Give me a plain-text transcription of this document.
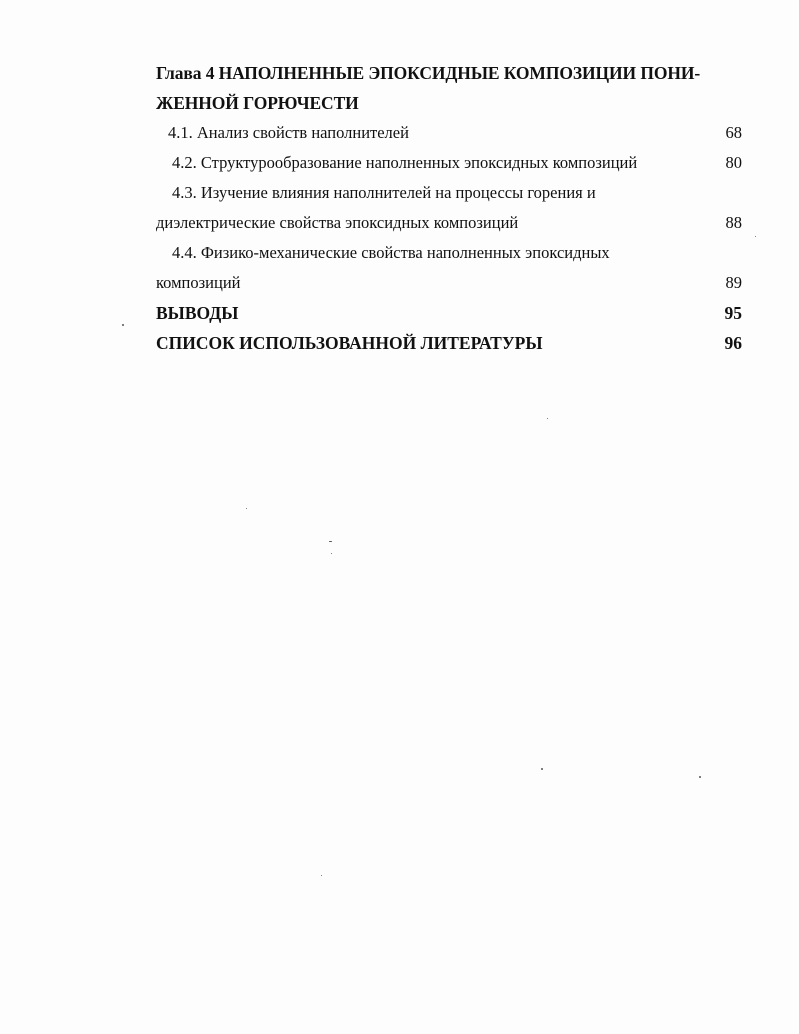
Глава 4 НАПОЛНЕННЫЕ ЭПОКСИДНЫЕ КОМПОЗИЦИИ ПОНИ-
ЖЕННОЙ ГОРЮЧЕСТИ

4.1. Анализ свойств наполнителей	68
4.2. Структурообразование наполненных эпоксидных композиций	80
4.3. Изучение влияния наполнителей на процессы горения и
диэлектрические свойства эпоксидных композиций	88
4.4. Физико-механические свойства наполненных эпоксидных
композиций	89
ВЫВОДЫ	95
СПИСОК ИСПОЛЬЗОВАННОЙ ЛИТЕРАТУРЫ	96
